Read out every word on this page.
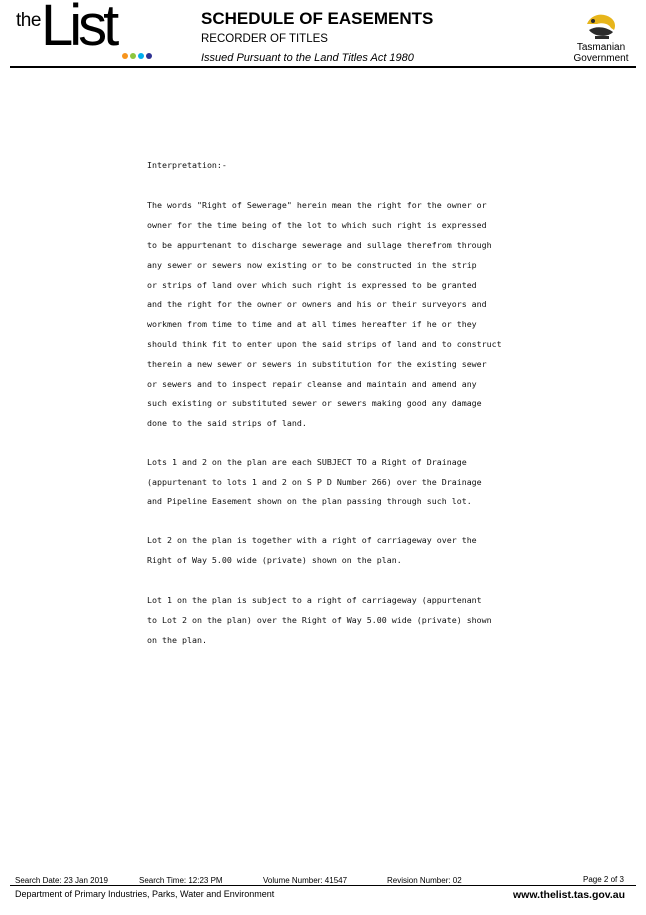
the List	SCHEDULE OF EASEMENTS
RECORDER OF TITLES
Issued Pursuant to the Land Titles Act 1980
Tasmanian
Government
Interpretation:-
The words "Right of Sewerage" herein mean the right for the owner or
owner for the time being of the lot to which such right is expressed
to be appurtenant to discharge sewerage and sullage therefrom through
any sewer or sewers now existing or to be constructed in the strip
or strips of land over which such right is expressed to be granted
and the right for the owner or owners and his or their surveyors and
workmen from time to time and at all times hereafter if he or they
should think fit to enter upon the said strips of land and to construct
therein a new sewer or sewers in substitution for the existing sewer
or sewers and to inspect repair cleanse and maintain and amend any
such existing or substituted sewer or sewers making good any damage
done to the said strips of land.
Lots 1 and 2 on the plan are each SUBJECT TO a Right of Drainage
(appurtenant to lots 1 and 2 on S P D Number 266) over the Drainage
and Pipeline Easement shown on the plan passing through such lot.
Lot 2 on the plan is together with a right of carriageway over the
Right of Way 5.00 wide (private) shown on the plan.
Lot 1 on the plan is subject to a right of carriageway (appurtenant
to Lot 2 on the plan) over the Right of Way 5.00 wide (private) shown
on the plan.
Search Date: 23 Jan 2019	Search Time: 12:23 PM	Volume Number: 41547	Revision Number: 02	Page 2 of 3
Department of Primary Industries, Parks, Water and Environment	www.thelist.tas.gov.au
